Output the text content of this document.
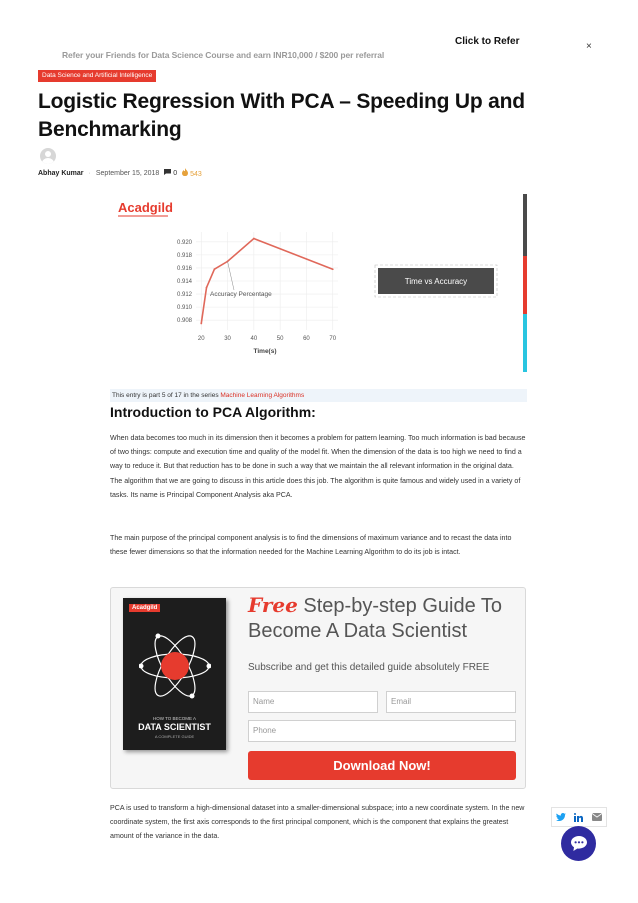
Refer your Friends for Data Science Course and earn INR10,000 / $200 per referral
Click to Refer	×
Data Science and Artificial Intelligence
Logistic Regression With PCA – Speeding Up and Benchmarking
Abhay Kumar · September 15, 2018	0	543
Acadgild
0.908
0.910
0.912
0.914
0.916
0.918
0.920
20	30	40	50	60	70
Accuracy Percentage
Time vs Accuracy
Time(s)
This entry is part 5 of 17 in the series Machine Learning Algorithms
Introduction to PCA Algorithm:

When data becomes too much in its dimension then it becomes a problem for pattern learning. Too much information is bad because of two things: compute and execution time and quality of the model fit. When the dimension of the data is too high we need to find a way to reduce it. But that reduction has to be done in such a way that we maintain the all relevant information in the original data. The algorithm that we are going to discuss in this article does this job. The algorithm is quite famous and widely used in a variety of tasks. Its name is Principal Component Analysis aka PCA.

The main purpose of the principal component analysis is to find the dimensions of maximum variance and to recast the data into these fewer dimensions so that the information needed for the Machine Learning Algorithm to do its job is intact.

Acadgild
HOW TO BECOME A
DATA SCIENTIST
A COMPLETE GUIDE
Free Step-by-step Guide To
Become A Data Scientist
Subscribe and get this detailed guide absolutely FREE
Name	Email
Phone
Download Now!

PCA is used to transform a high-dimensional dataset into a smaller-dimensional subspace; into a new coordinate system. In the new coordinate system, the first axis corresponds to the first principal component, which is the component that explains the greatest amount of the variance in the data.
